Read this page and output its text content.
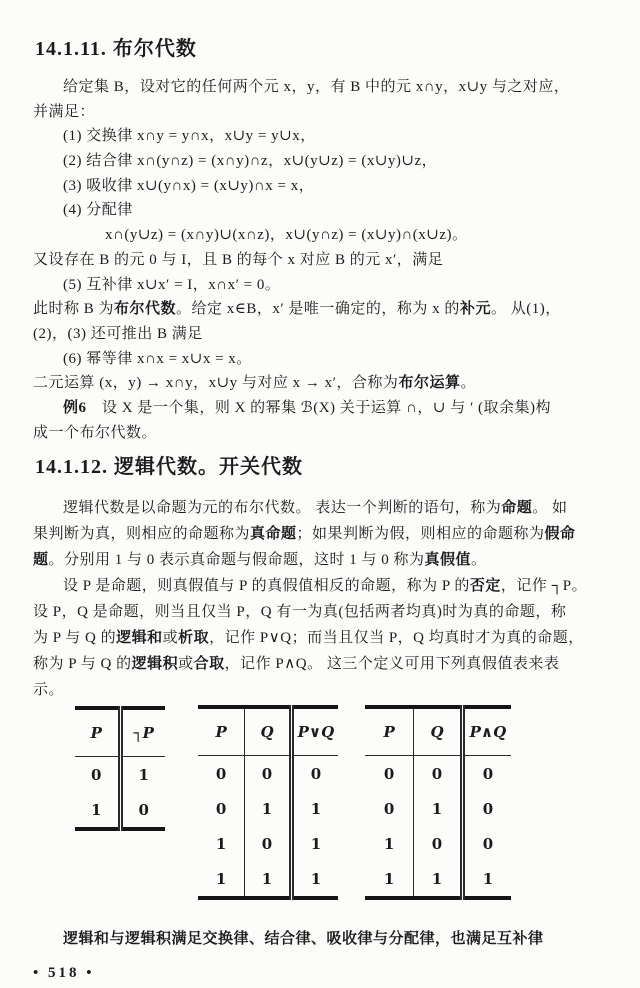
14.1.11. 布尔代数
给定集 B，设对它的任何两个元 x，y，有 B 中的元 x∩y，x∪y 与之对应，
并满足：
(1) 交换律 x∩y = y∩x，x∪y = y∪x，
(2) 结合律 x∩(y∩z) = (x∩y)∩z，x∪(y∪z) = (x∪y)∪z，
(3) 吸收律 x∪(y∩x) = (x∪y)∩x = x，
(4) 分配律
x∩(y∪z) = (x∩y)∪(x∩z)，x∪(y∩z) = (x∪y)∩(x∪z)。
又设存在 B 的元 0 与 I，且 B 的每个 x 对应 B 的元 x′，满足
(5) 互补律 x∪x′ = I，x∩x′ = 0。
此时称 B 为布尔代数。给定 x∈B，x′ 是唯一确定的，称为 x 的补元。 从(1)，
(2)，(3) 还可推出 B 满足
(6) 幂等律 x∩x = x∪x = x。
二元运算 (x，y) → x∩y，x∪y 与对应 x → x′，合称为布尔运算。
例6　设 X 是一个集，则 X 的幂集 ℬ(X) 关于运算 ∩，∪ 与 ′ (取余集)构
成一个布尔代数。
14.1.12. 逻辑代数。开关代数
逻辑代数是以命题为元的布尔代数。 表达一个判断的语句，称为命题。 如
果判断为真，则相应的命题称为真命题；如果判断为假，则相应的命题称为假命
题。分别用 1 与 0 表示真命题与假命题，这时 1 与 0 称为真假值。
设 P 是命题，则真假值与 P 的真假值相反的命题，称为 P 的否定，记作 ┐P。
设 P，Q 是命题，则当且仅当 P，Q 有一为真(包括两者均真)时为真的命题，称
为 P 与 Q 的逻辑和或析取，记作 P∨Q；而当且仅当 P，Q 均真时才为真的命题，
称为 P 与 Q 的逻辑积或合取，记作 P∧Q。 这三个定义可用下列真假值表来表
示。
P	┐P
0	1
1	0
P	Q	P∨Q
0	0	0
0	1	1
1	0	1
1	1	1
P	Q	P∧Q
0	0	0
0	1	0
1	0	0
1	1	1
逻辑和与逻辑积满足交换律、结合律、吸收律与分配律，也满足互补律
• 518 •
